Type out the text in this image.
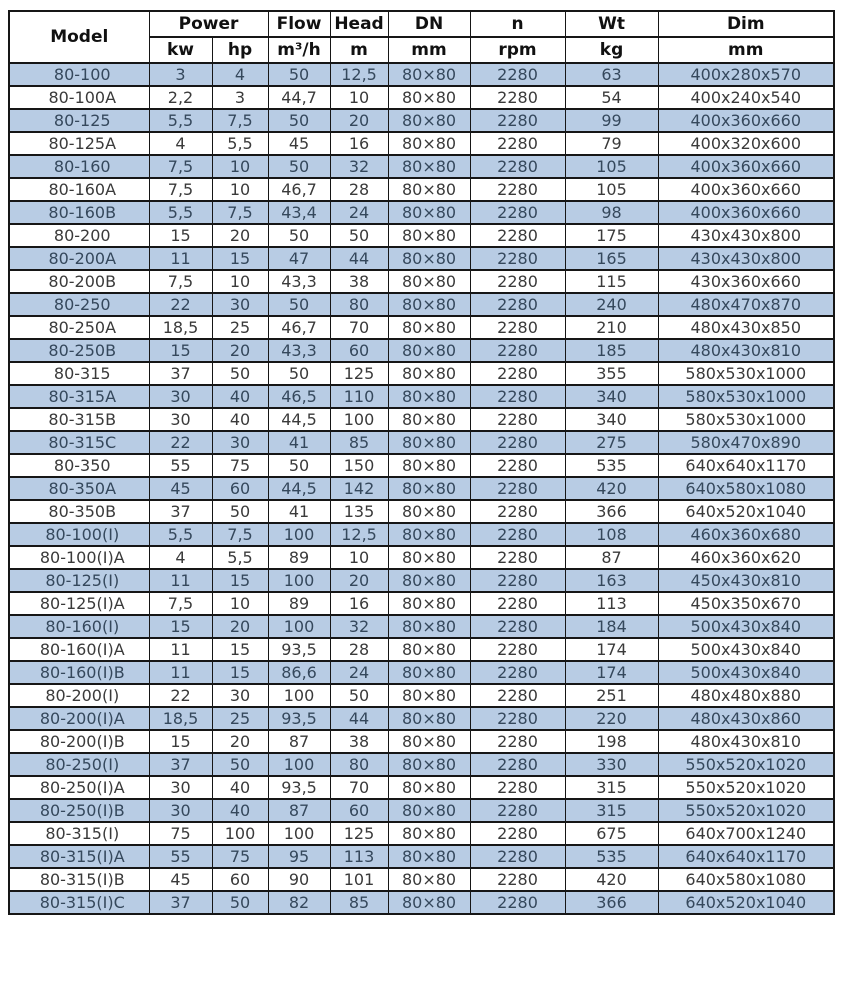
Model	Power		Flow	Head	DN	n	Wt	Dim
	kw	hp	m³/h	m	mm	rpm	kg	mm
80-100	3	4	50	12,5	80×80	2280	63	400x280x570
80-100A	2,2	3	44,7	10	80×80	2280	54	400x240x540
80-125	5,5	7,5	50	20	80×80	2280	99	400x360x660
80-125A	4	5,5	45	16	80×80	2280	79	400x320x600
80-160	7,5	10	50	32	80×80	2280	105	400x360x660
80-160A	7,5	10	46,7	28	80×80	2280	105	400x360x660
80-160B	5,5	7,5	43,4	24	80×80	2280	98	400x360x660
80-200	15	20	50	50	80×80	2280	175	430x430x800
80-200A	11	15	47	44	80×80	2280	165	430x430x800
80-200B	7,5	10	43,3	38	80×80	2280	115	430x360x660
80-250	22	30	50	80	80×80	2280	240	480x470x870
80-250A	18,5	25	46,7	70	80×80	2280	210	480x430x850
80-250B	15	20	43,3	60	80×80	2280	185	480x430x810
80-315	37	50	50	125	80×80	2280	355	580x530x1000
80-315A	30	40	46,5	110	80×80	2280	340	580x530x1000
80-315B	30	40	44,5	100	80×80	2280	340	580x530x1000
80-315C	22	30	41	85	80×80	2280	275	580x470x890
80-350	55	75	50	150	80×80	2280	535	640x640x1170
80-350A	45	60	44,5	142	80×80	2280	420	640x580x1080
80-350B	37	50	41	135	80×80	2280	366	640x520x1040
80-100(I)	5,5	7,5	100	12,5	80×80	2280	108	460x360x680
80-100(I)A	4	5,5	89	10	80×80	2280	87	460x360x620
80-125(I)	11	15	100	20	80×80	2280	163	450x430x810
80-125(I)A	7,5	10	89	16	80×80	2280	113	450x350x670
80-160(I)	15	20	100	32	80×80	2280	184	500x430x840
80-160(I)A	11	15	93,5	28	80×80	2280	174	500x430x840
80-160(I)B	11	15	86,6	24	80×80	2280	174	500x430x840
80-200(I)	22	30	100	50	80×80	2280	251	480x480x880
80-200(I)A	18,5	25	93,5	44	80×80	2280	220	480x430x860
80-200(I)B	15	20	87	38	80×80	2280	198	480x430x810
80-250(I)	37	50	100	80	80×80	2280	330	550x520x1020
80-250(I)A	30	40	93,5	70	80×80	2280	315	550x520x1020
80-250(I)B	30	40	87	60	80×80	2280	315	550x520x1020
80-315(I)	75	100	100	125	80×80	2280	675	640x700x1240
80-315(I)A	55	75	95	113	80×80	2280	535	640x640x1170
80-315(I)B	45	60	90	101	80×80	2280	420	640x580x1080
80-315(I)C	37	50	82	85	80×80	2280	366	640x520x1040
